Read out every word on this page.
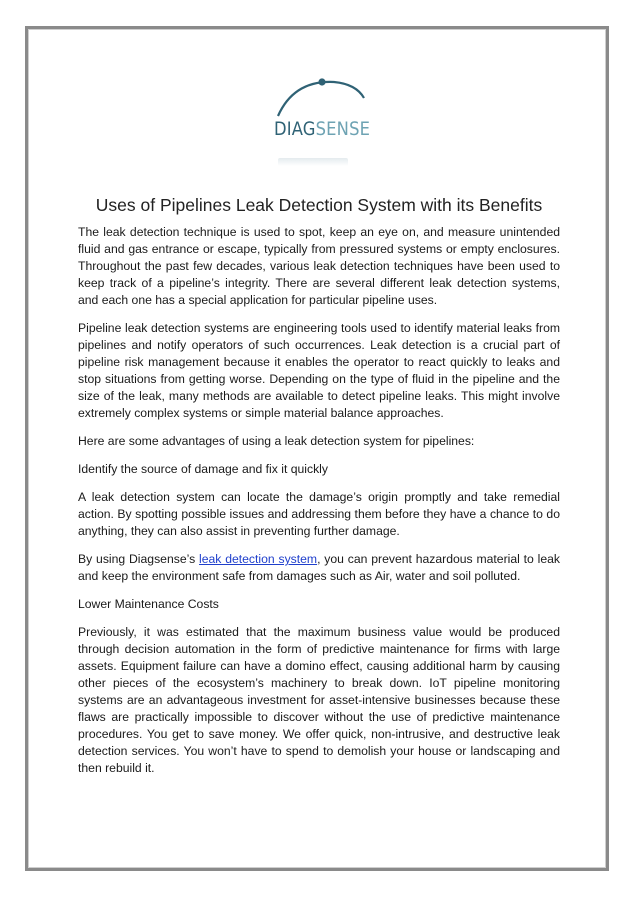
DIAGSENSE
Uses of Pipelines Leak Detection System with its Benefits

The leak detection technique is used to spot, keep an eye on, and measure unintended fluid and gas entrance or escape, typically from pressured systems or empty enclosures. Throughout the past few decades, various leak detection techniques have been used to keep track of a pipeline’s integrity. There are several different leak detection systems, and each one has a special application for particular pipeline uses.

Pipeline leak detection systems are engineering tools used to identify material leaks from pipelines and notify operators of such occurrences. Leak detection is a crucial part of pipeline risk management because it enables the operator to react quickly to leaks and stop situations from getting worse. Depending on the type of fluid in the pipeline and the size of the leak, many methods are available to detect pipeline leaks. This might involve extremely complex systems or simple material balance approaches.

Here are some advantages of using a leak detection system for pipelines:

Identify the source of damage and fix it quickly

A leak detection system can locate the damage’s origin promptly and take remedial action. By spotting possible issues and addressing them before they have a chance to do anything, they can also assist in preventing further damage.

By using Diagsense’s leak detection system, you can prevent hazardous material to leak and keep the environment safe from damages such as Air, water and soil polluted.

Lower Maintenance Costs

Previously, it was estimated that the maximum business value would be produced through decision automation in the form of predictive maintenance for firms with large assets. Equipment failure can have a domino effect, causing additional harm by causing other pieces of the ecosystem’s machinery to break down. IoT pipeline monitoring systems are an advantageous investment for asset-intensive businesses because these flaws are practically impossible to discover without the use of predictive maintenance procedures. You get to save money. We offer quick, non-intrusive, and destructive leak detection services. You won’t have to spend to demolish your house or landscaping and then rebuild it.
